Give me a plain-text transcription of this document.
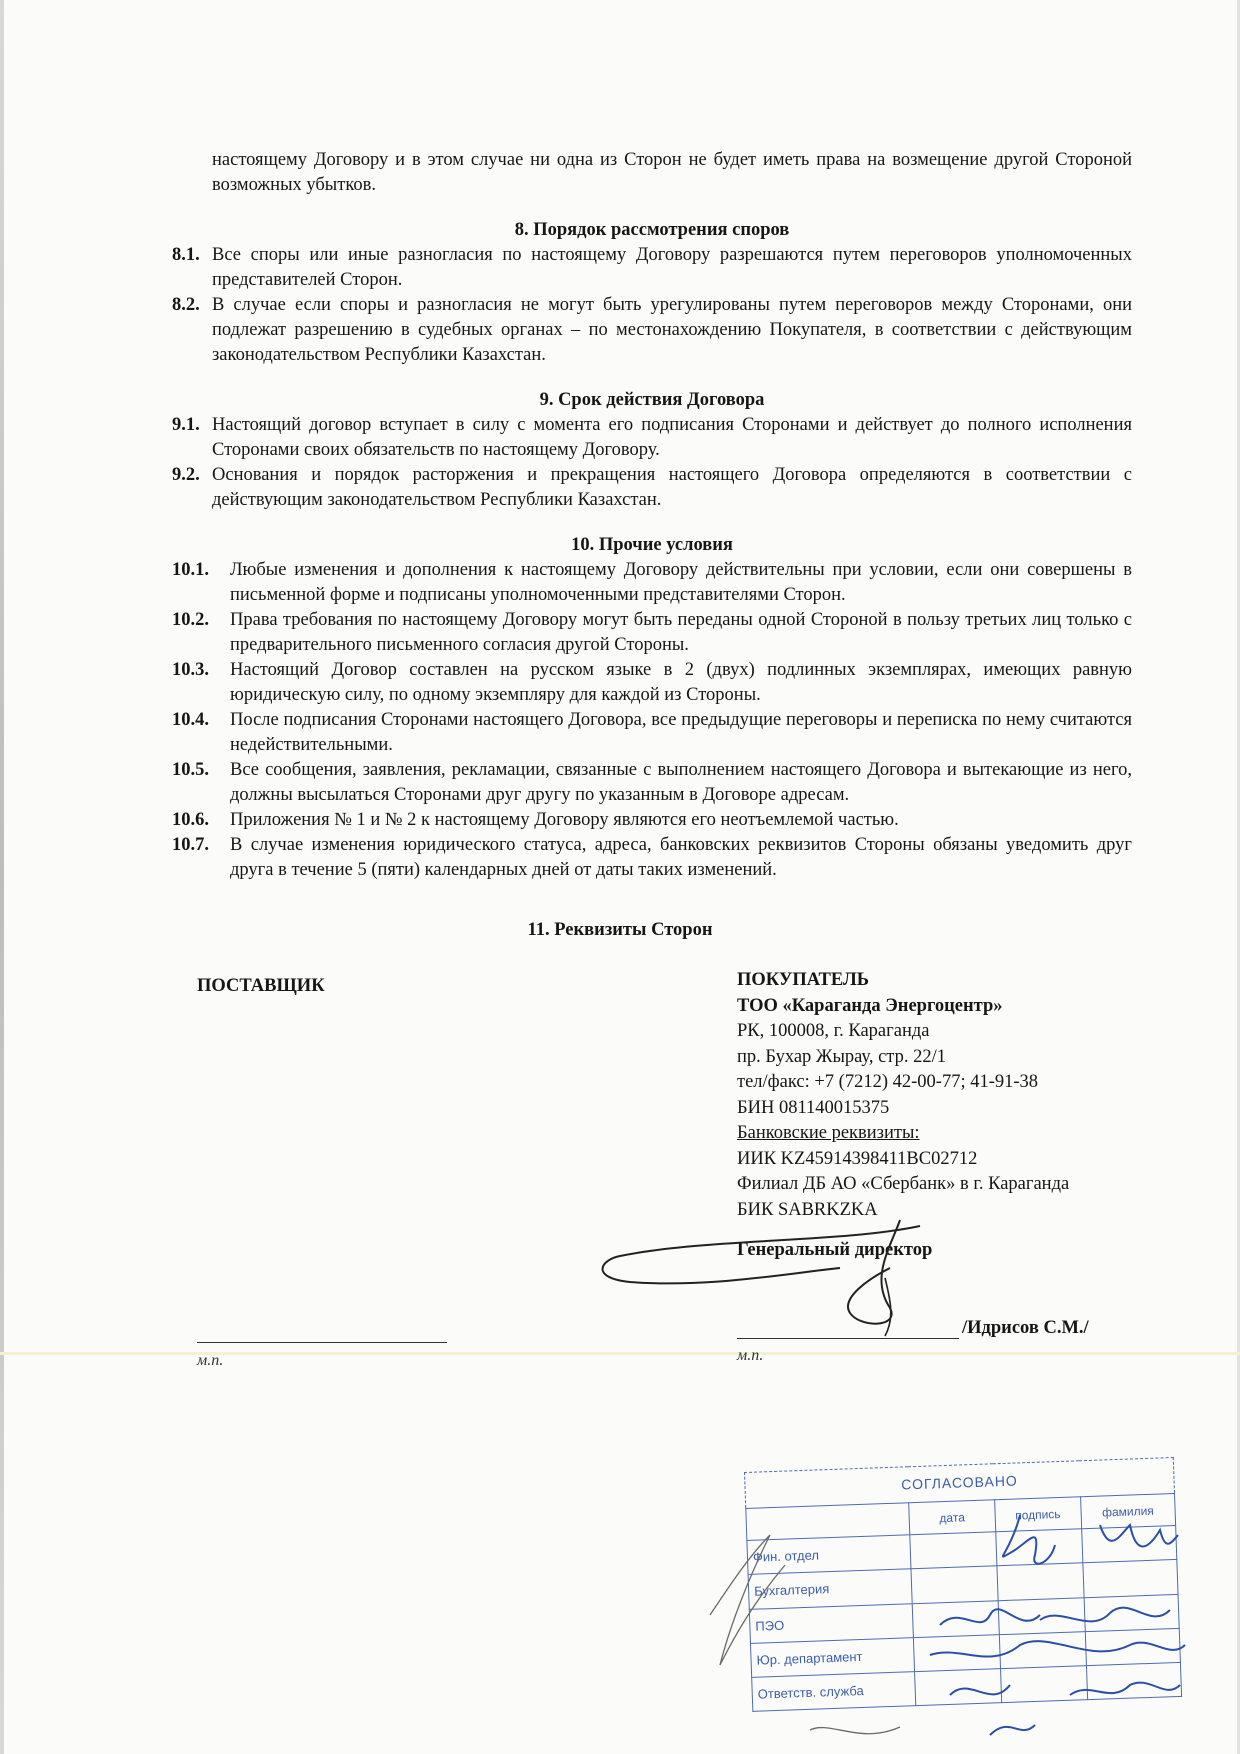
настоящему Договору и в этом случае ни одна из Сторон не будет иметь права на возмещение другой Стороной возможных убытков.
8. Порядок рассмотрения споров
8.1. Все споры или иные разногласия по настоящему Договору разрешаются путем переговоров уполномоченных представителей Сторон.
8.2. В случае если споры и разногласия не могут быть урегулированы путем переговоров между Сторонами, они подлежат разрешению в судебных органах – по местонахождению Покупателя, в соответствии с действующим законодательством Республики Казахстан.
9. Срок действия Договора
9.1. Настоящий договор вступает в силу с момента его подписания Сторонами и действует до полного исполнения Сторонами своих обязательств по настоящему Договору.
9.2. Основания и порядок расторжения и прекращения настоящего Договора определяются в соответствии с действующим законодательством Республики Казахстан.
10. Прочие условия
10.1.	Любые изменения и дополнения к настоящему Договору действительны при условии, если они совершены в письменной форме и подписаны уполномоченными представителями Сторон.
10.2.	Права требования по настоящему Договору могут быть переданы одной Стороной в пользу третьих лиц только с предварительного письменного согласия другой Стороны.
10.3.	Настоящий Договор составлен на русском языке в 2 (двух) подлинных экземплярах, имеющих равную юридическую силу, по одному экземпляру для каждой из Стороны.
10.4.	После подписания Сторонами настоящего Договора, все предыдущие переговоры и переписка по нему считаются недействительными.
10.5.	Все сообщения, заявления, рекламации, связанные с выполнением настоящего Договора и вытекающие из него, должны высылаться Сторонами друг другу по указанным в Договоре адресам.
10.6.	Приложения № 1 и № 2 к настоящему Договору являются его неотъемлемой частью.
10.7.	В случае изменения юридического статуса, адреса, банковских реквизитов Стороны обязаны уведомить друг друга в течение 5 (пяти) календарных дней от даты таких изменений.
11. Реквизиты Сторон
ПОСТАВЩИК	ПОКУПАТЕЛЬ
ТОО «Караганда Энергоцентр»
РК, 100008, г. Караганда
пр. Бухар Жырау, стр. 22/1
тел/факс: +7 (7212) 42-00-77; 41-91-38
БИН 081140015375
Банковские реквизиты:
ИИК KZ45914398411BC02712
Филиал ДБ АО «Сбербанк» в г. Караганда
БИК SABRKZKA
Генеральный директор
/Идрисов С.М./
м.п.	м.п.
СОГЛАСОВАНО			
	дата	подпись	фамилия
Фин. отдел			
Бухгалтерия			
ПЭО			
Юр. департамент			
Ответств. служба			
